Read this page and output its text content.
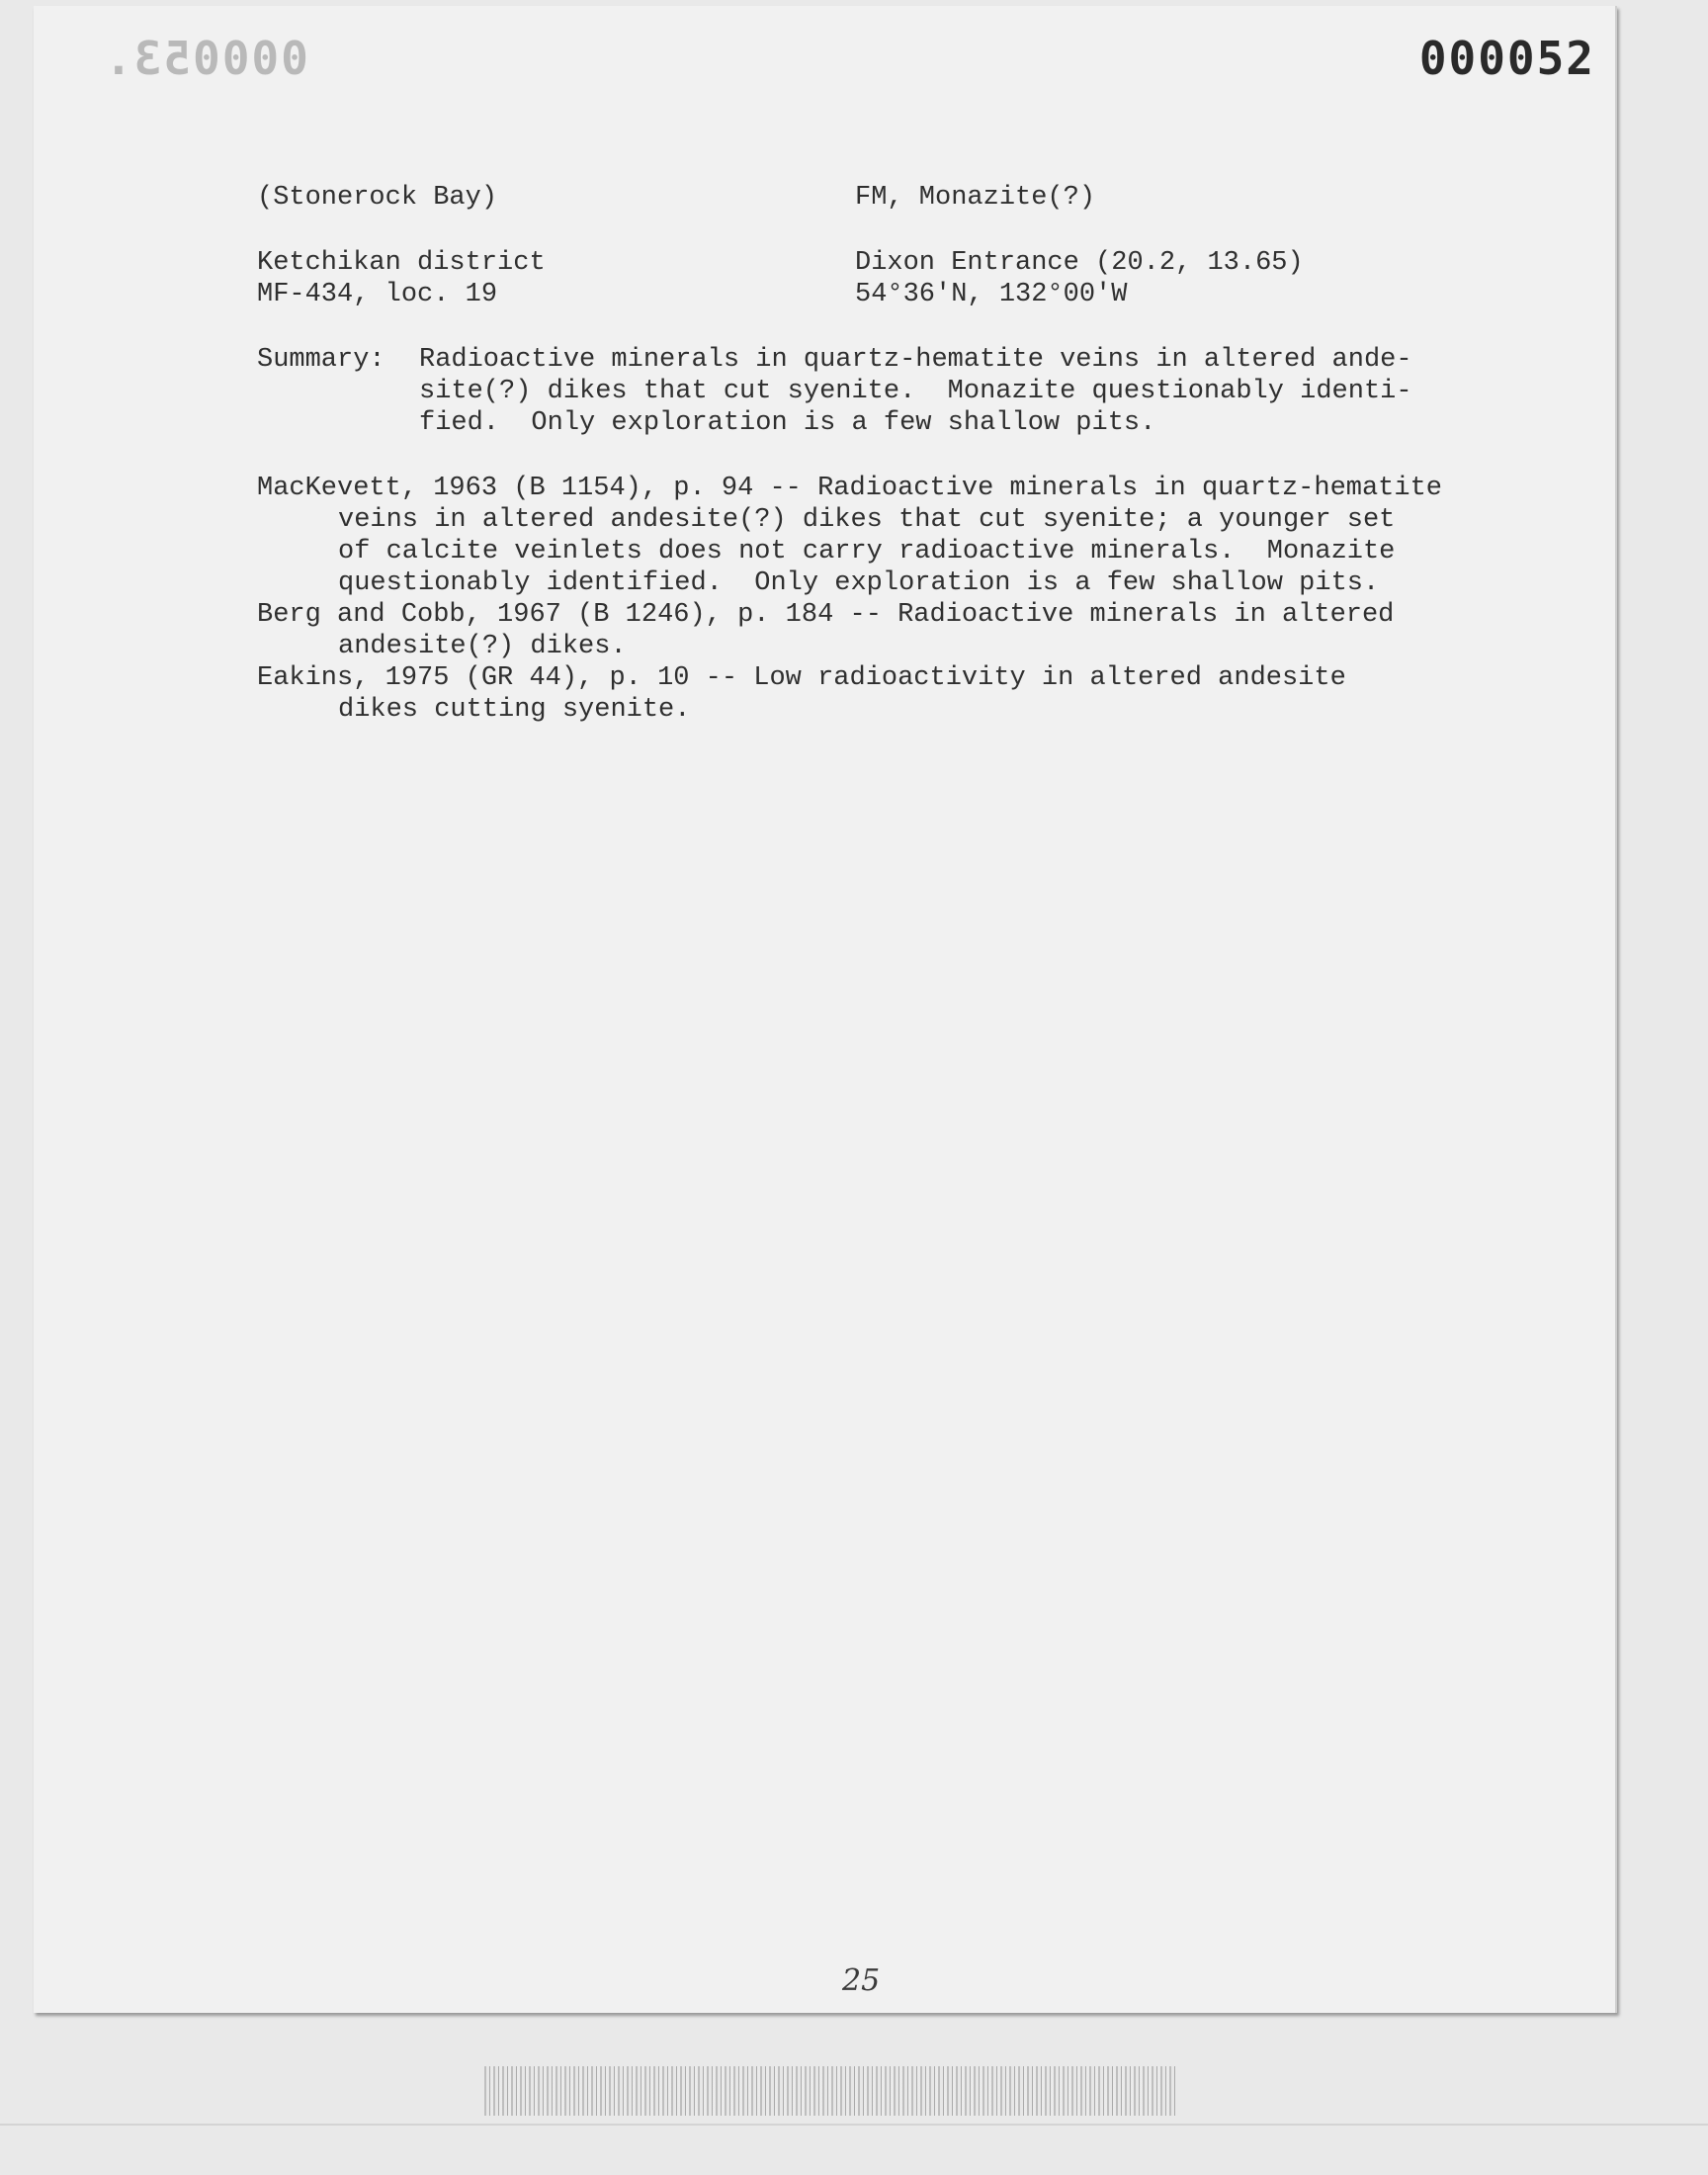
000053.	000052
(Stonerock Bay)	FM, Monazite(?)
Ketchikan district
MF-434, loc. 19
Dixon Entrance (20.2, 13.65)
54°36'N, 132°00'W
Summary: Radioactive minerals in quartz-hematite veins in altered ande-
site(?) dikes that cut syenite.  Monazite questionably identi-
fied.  Only exploration is a few shallow pits.
MacKevett, 1963 (B 1154), p. 94 -- Radioactive minerals in quartz-hematite
veins in altered andesite(?) dikes that cut syenite; a younger set
of calcite veinlets does not carry radioactive minerals.  Monazite
questionably identified.  Only exploration is a few shallow pits.
Berg and Cobb, 1967 (B 1246), p. 184 -- Radioactive minerals in altered
andesite(?) dikes.
Eakins, 1975 (GR 44), p. 10 -- Low radioactivity in altered andesite
dikes cutting syenite.
25
